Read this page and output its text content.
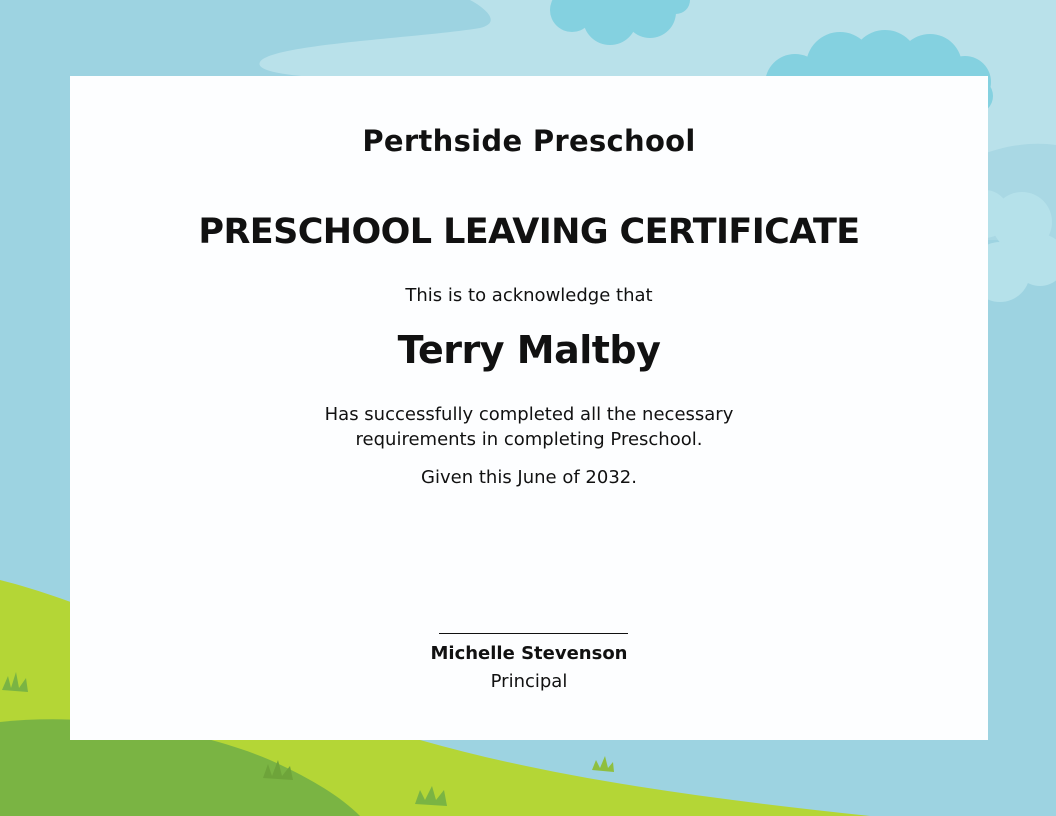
Perthside Preschool
PRESCHOOL LEAVING CERTIFICATE

This is to acknowledge that

Terry Maltby

Has successfully completed all the necessary requirements in completing Preschool.

Given this June of 2032.

Michelle Stevenson

Principal
